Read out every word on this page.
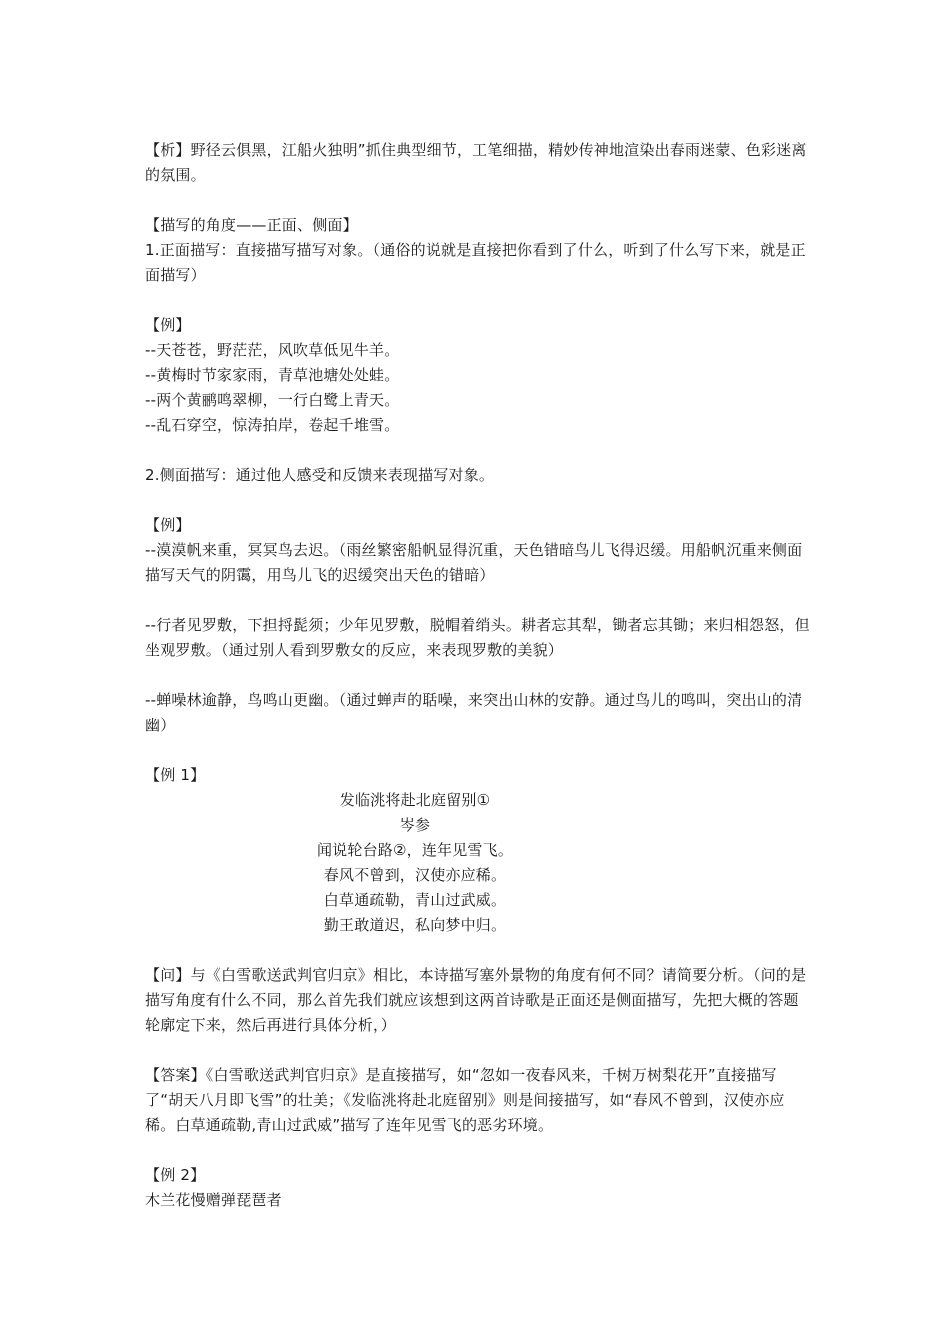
【析】野径云俱黑，江船火独明”抓住典型细节，工笔细描，精妙传神地渲染出春雨迷蒙、色彩迷离的氛围。
【描写的角度——正面、侧面】
1.正面描写：直接描写描写对象。（通俗的说就是直接把你看到了什么，听到了什么写下来，就是正面描写）
【例】
--天苍苍，野茫茫，风吹草低见牛羊。
--黄梅时节家家雨，青草池塘处处蛙。
--两个黄鹂鸣翠柳，一行白鹭上青天。
--乱石穿空，惊涛拍岸，卷起千堆雪。
2.侧面描写：通过他人感受和反馈来表现描写对象。
【例】
--漠漠帆来重，冥冥鸟去迟。（雨丝繁密船帆显得沉重，天色错暗鸟儿飞得迟缓。用船帆沉重来侧面描写天气的阴霭，用鸟儿飞的迟缓突出天色的错暗）
--行者见罗敷，下担捋髭须；少年见罗敷，脱帽着绡头。耕者忘其犁，锄者忘其锄；来归相怨怒，但坐观罗敷。（通过别人看到罗敷女的反应，来表现罗敷的美貌）
--蝉噪林逾静，鸟鸣山更幽。（通过蝉声的聒噪，来突出山林的安静。通过鸟儿的鸣叫，突出山的清幽）
【例 1】
发临洮将赴北庭留别①
岑参
闻说轮台路②，连年见雪飞。
春风不曾到，汉使亦应稀。
白草通疏勒，青山过武威。
勤王敢道迟，私向梦中归。
【问】与《白雪歌送武判官归京》相比，本诗描写塞外景物的角度有何不同？请简要分析。（问的是描写角度有什么不同，那么首先我们就应该想到这两首诗歌是正面还是侧面描写，先把大概的答题轮廓定下来，然后再进行具体分析，）
【答案】《白雪歌送武判官归京》是直接描写，如“忽如一夜春风来，千树万树梨花开”直接描写了“胡天八月即飞雪”的壮美；《发临洮将赴北庭留别》则是间接描写，如“春风不曾到，汉使亦应稀。白草通疏勒,青山过武威”描写了连年见雪飞的恶劣环境。
【例 2】
木兰花慢赠弹琵琶者
